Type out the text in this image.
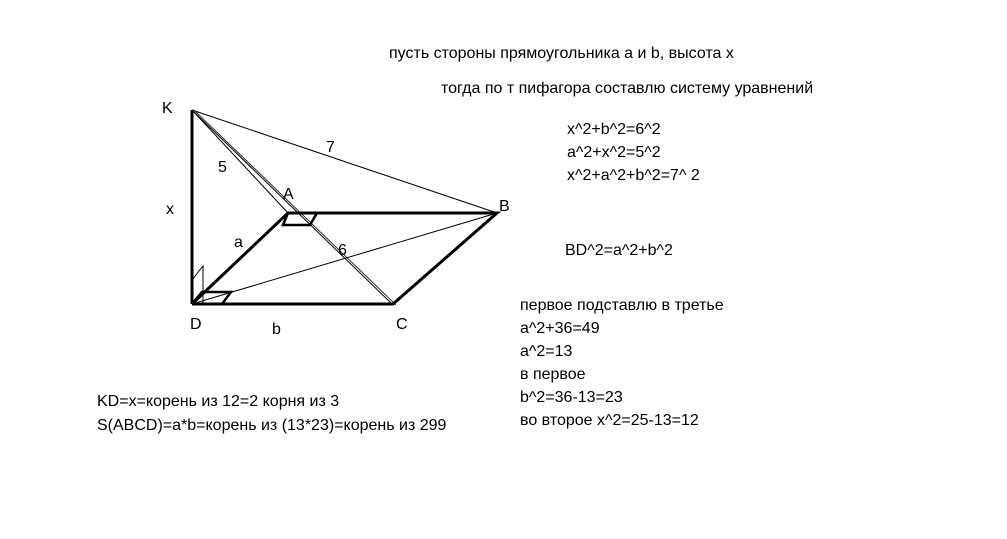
K
A
B
C
D
x
a
b
5
6
7
пусть стороны прямоугольника a и b, высота x
тогда по т пифагора составлю систему уравнений
x^2+b^2=6^2
a^2+x^2=5^2
x^2+a^2+b^2=7^ 2
BD^2=a^2+b^2
первое подставлю в третье
a^2+36=49
a^2=13
в первое
b^2=36-13=23
во второе x^2=25-13=12
KD=x=корень из 12=2 корня из 3
S(ABCD)=a*b=корень из (13*23)=корень из 299
